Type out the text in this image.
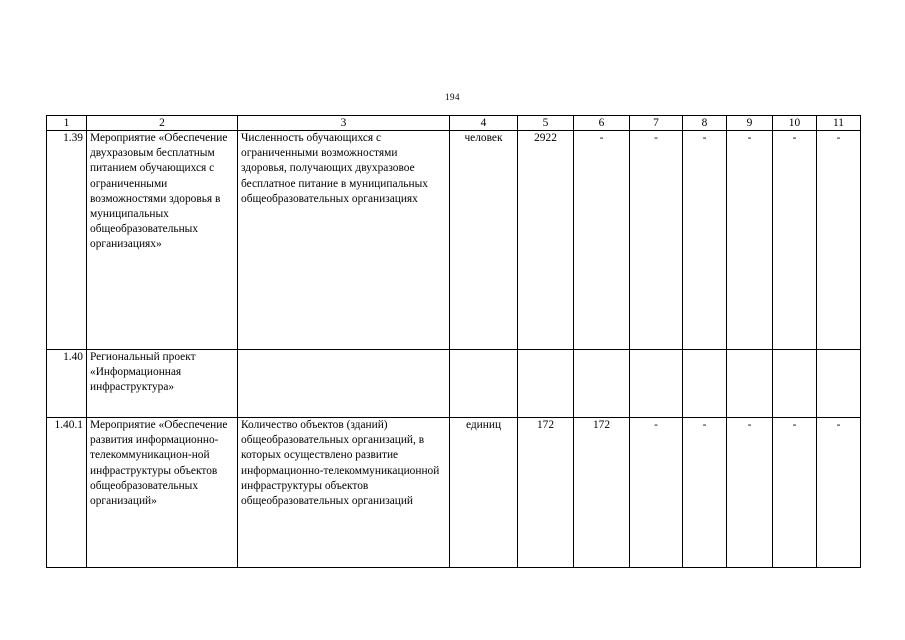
194
1	2	3	4	5	6	7	8	9	10	11
1.39	Мероприятие «Обеспечение двухразовым бесплатным питанием обучающихся с ограниченными возможностями здоровья в муниципальных общеобразовательных организациях»	Численность обучающихся с ограниченными возможностями здоровья, получающих двухразовое бесплатное питание в муниципальных общеобразовательных организациях	человек	2922	-	-	-	-	-	-
1.40	Региональный проект «Информационная инфраструктура»									
1.40.1	Мероприятие «Обеспечение развития информационно-телекоммуникацион-ной инфраструктуры объектов общеобразовательных организаций»	Количество объектов (зданий) общеобразовательных организаций, в которых осуществлено развитие информационно-телекоммуникационной инфраструктуры объектов общеобразовательных организаций	единиц	172	172	-	-	-	-	-
